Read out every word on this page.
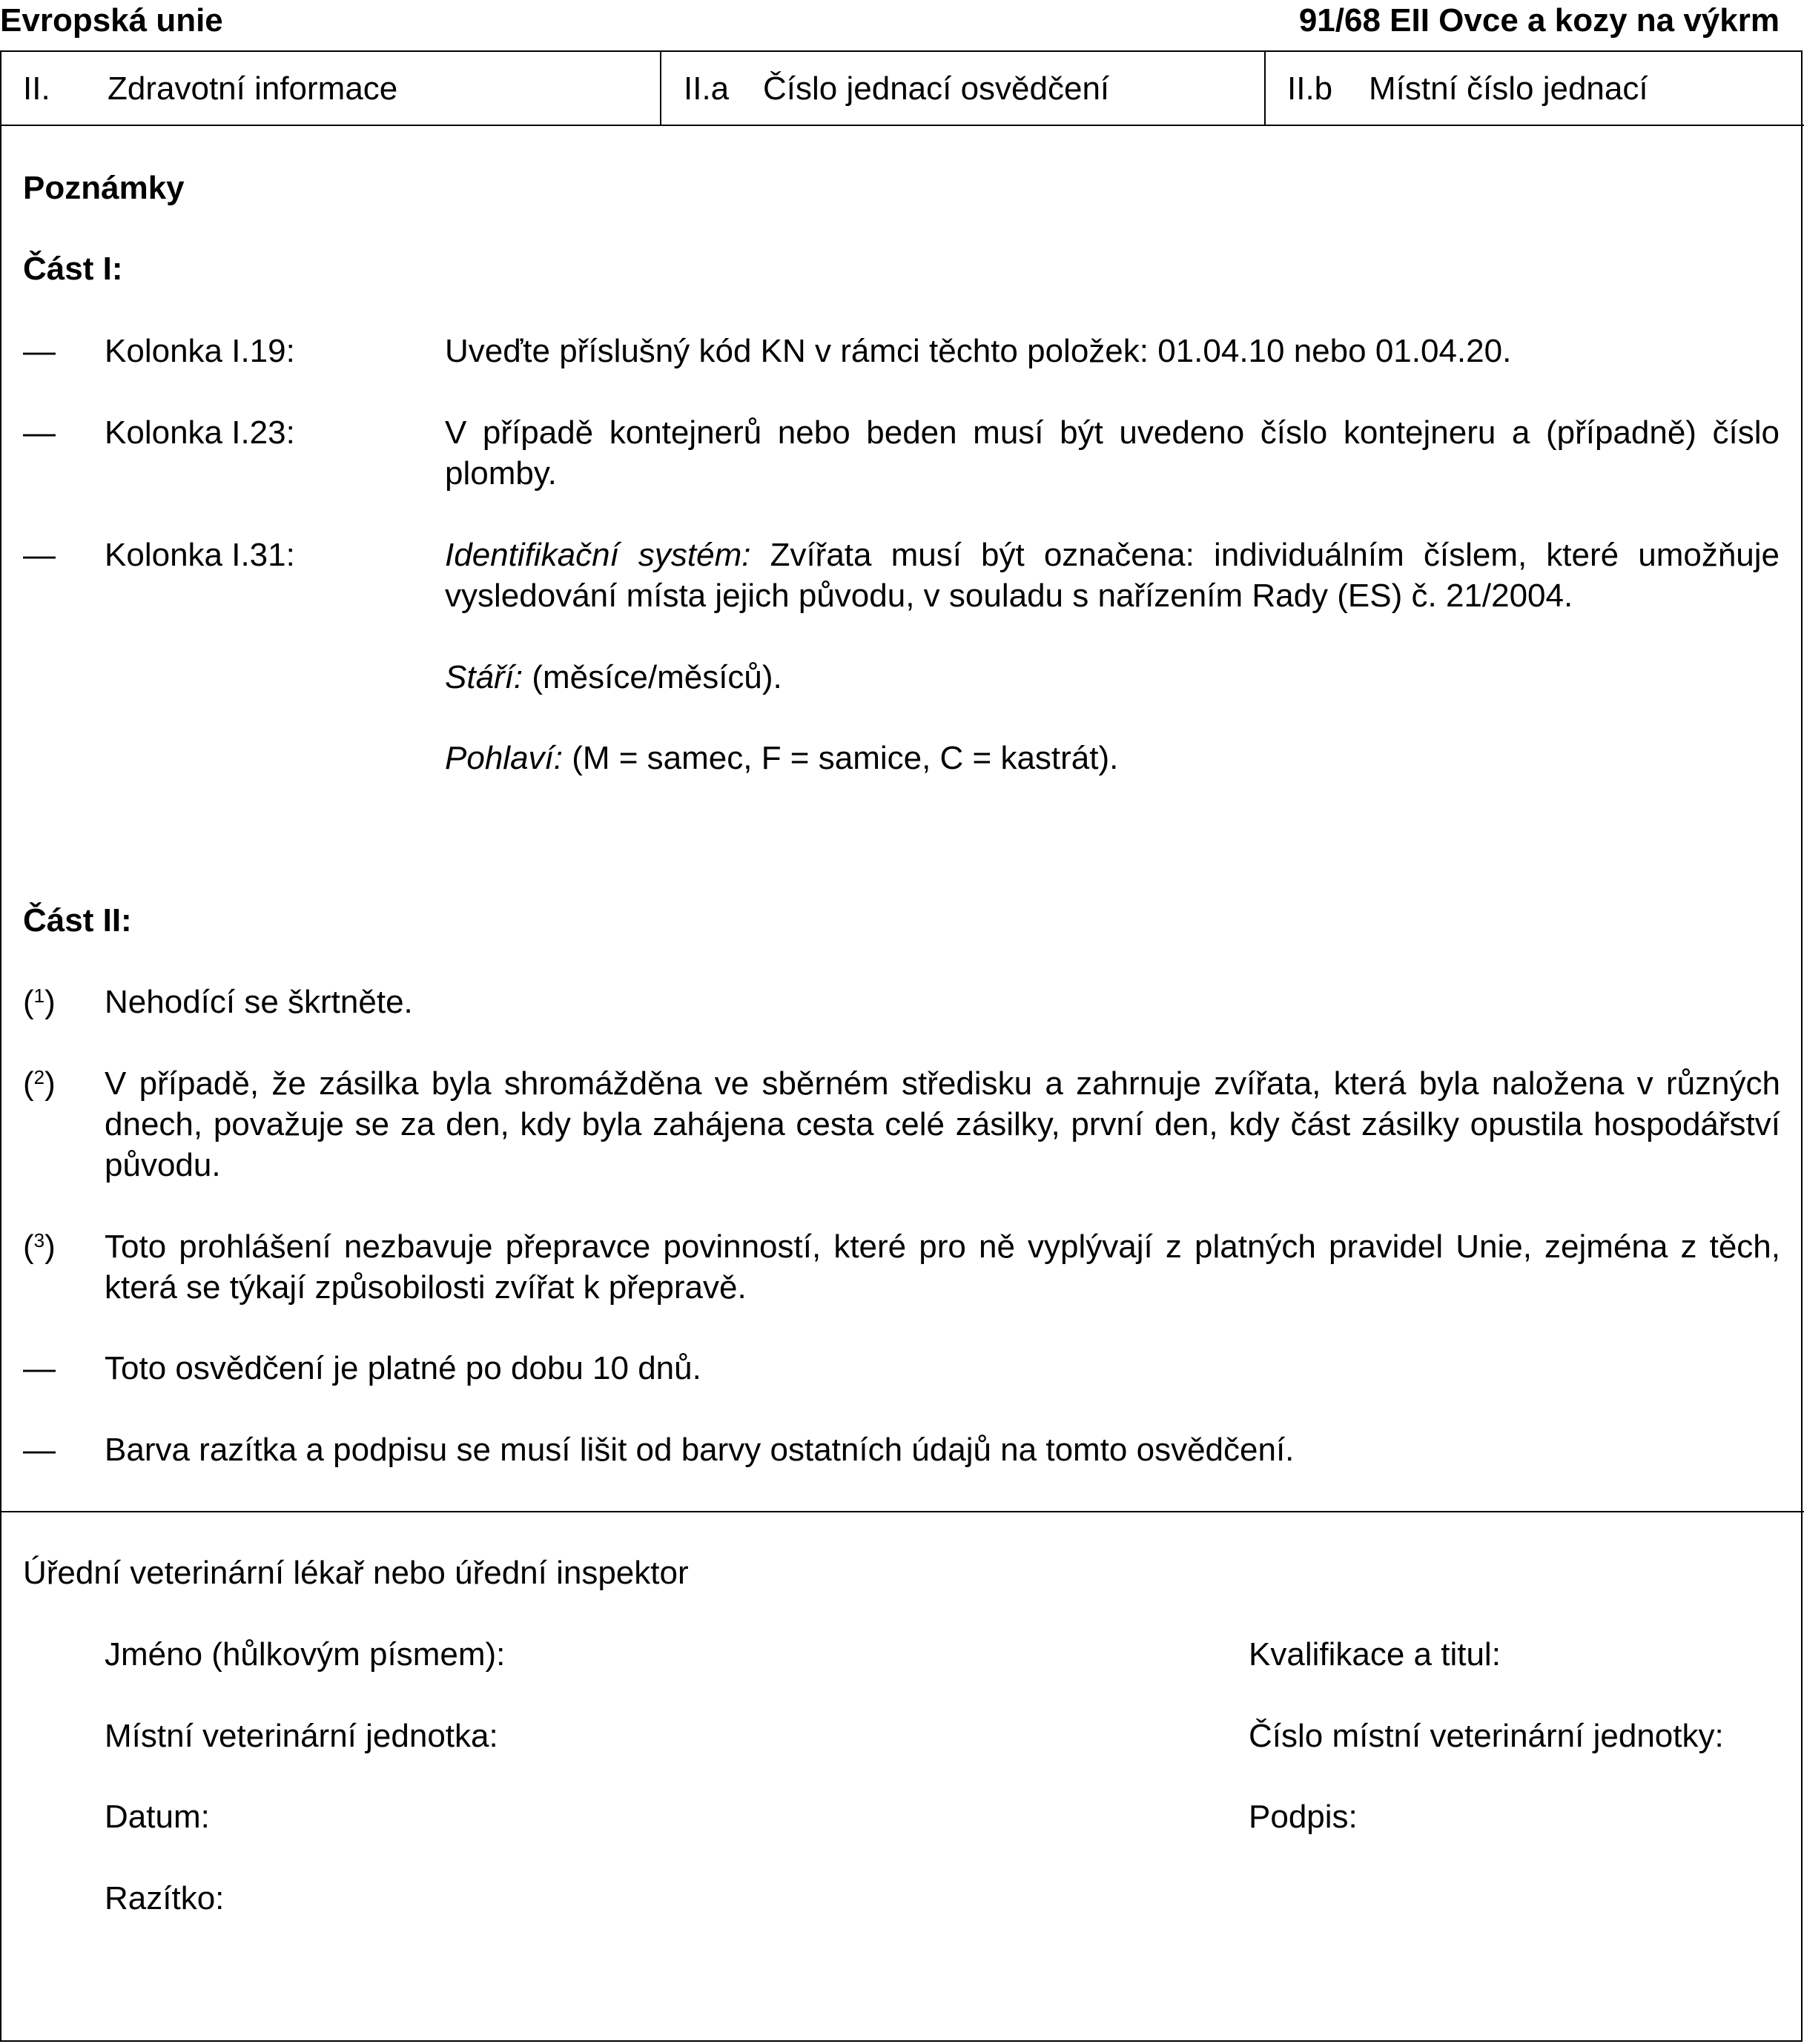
Evropská unie	91/68 EII Ovce a kozy na výkrm
II. Zdravotní informace	II.a Číslo jednací osvědčení	II.b Místní číslo jednací
Poznámky
Část I:
— Kolonka I.19:	Uveďte příslušný kód KN v rámci těchto položek: 01.04.10 nebo 01.04.20.
— Kolonka I.23:	V případě kontejnerů nebo beden musí být uvedeno číslo kontejneru a (případně) číslo plomby.
— Kolonka I.31:	Identifikační systém: Zvířata musí být označena: individuálním číslem, které umožňuje vysledování místa jejich původu, v souladu s nařízením Rady (ES) č. 21/2004.
Stáří: (měsíce/měsíců).
Pohlaví: (M = samec, F = samice, C = kastrát).
Část II:
($^1$) Nehodící se škrtněte.
($^2$) V případě, že zásilka byla shromážděna ve sběrném středisku a zahrnuje zvířata, která byla naložena v různých dnech, považuje se za den, kdy byla zahájena cesta celé zásilky, první den, kdy část zásilky opustila hospodářství původu.
($^3$) Toto prohlášení nezbavuje přepravce povinností, které pro ně vyplývají z platných pravidel Unie, zejména z těch, která se týkají způsobilosti zvířat k přepravě.
— Toto osvědčení je platné po dobu 10 dnů.
— Barva razítka a podpisu se musí lišit od barvy ostatních údajů na tomto osvědčení.
Úřední veterinární lékař nebo úřední inspektor
Jméno (hůlkovým písmem):	Kvalifikace a titul:
Místní veterinární jednotka:	Číslo místní veterinární jednotky:
Datum:	Podpis:
Razítko:
